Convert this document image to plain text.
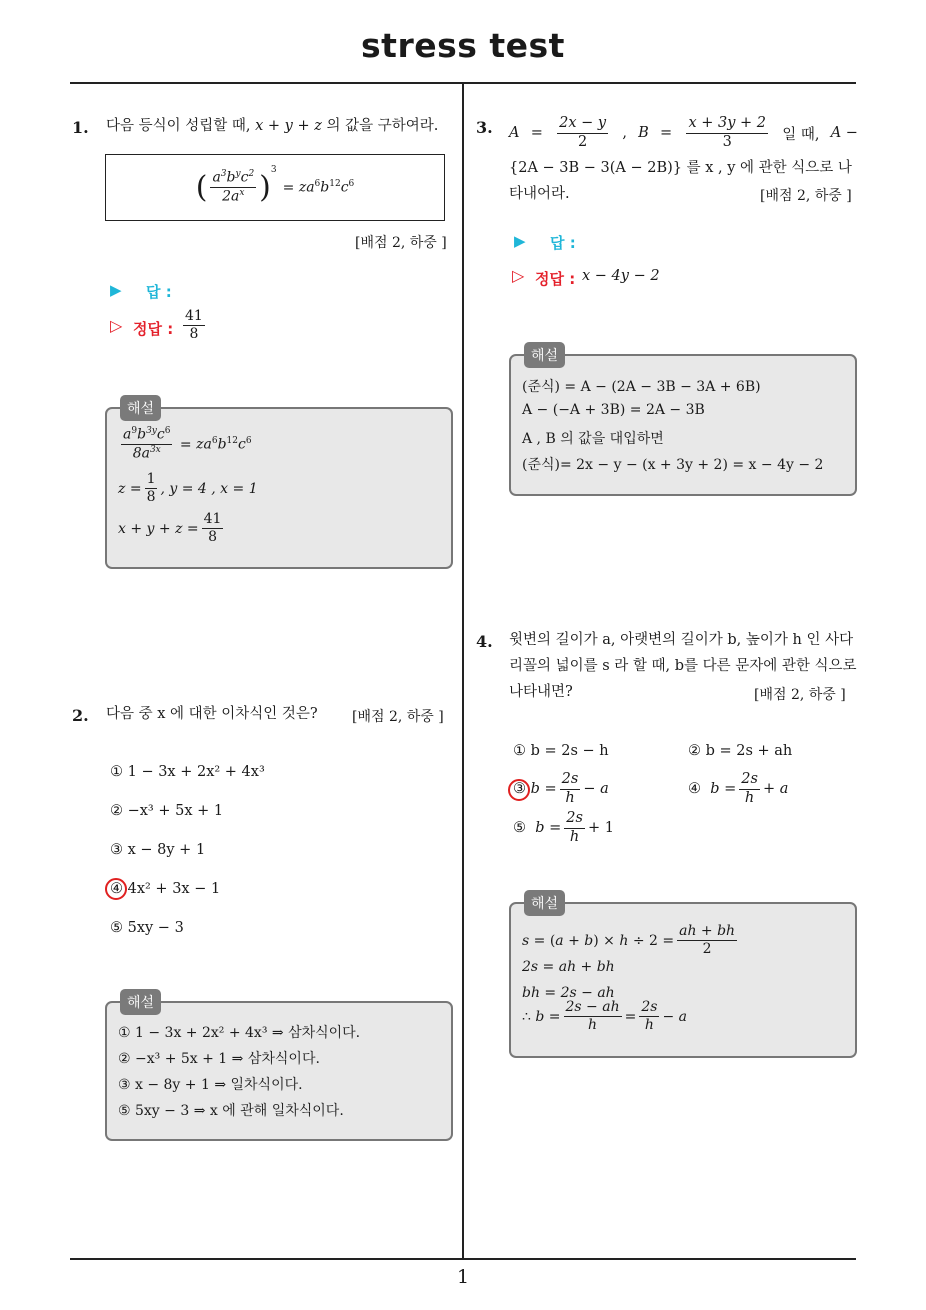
stress test
1
1. 다음 등식이 성립할 때, x + y + z 의 값을 구하여라.
( $\frac{a^3b^yc^2}{2a^x} )^3$
=
$za^6b^{12}c^6$
[배점 2, 하중 ]
▶ 답 :
▷ 정답 : $\frac{41}{8}$
해설
$\frac{a^9b^{3y}c^6}{8a^{3x}} = za^6b^{12}c^6$
$z = \frac{1}{8}$ , y = 4 , x = 1
$x + y + z = \frac{41}{8}$
2. 다음 중 x 에 대한 이차식인 것은? [배점 2, 하중 ]
① 1 − 3x + 2x² + 4x³
② −x³ + 5x + 1
③ x − 8y + 1
④ 4x² + 3x − 1
⑤ 5xy − 3
해설
① 1 − 3x + 2x² + 4x³ ⇒ 삼차식이다.
② −x³ + 5x + 1 ⇒ 삼차식이다.
③ x − 8y + 1 ⇒ 일차식이다.
⑤ 5xy − 3 ⇒ x 에 관해 일차식이다.
3. $A = \frac{2x - y}{2}$ , $B = \frac{x + 3y + 2}{3}$ 일 때, A −
{2A − 3B − 3(A − 2B)} 를 x , y 에 관한 식으로 나
타내어라.	[배점 2, 하중 ]
▶ 답 :
▷ 정답 : x − 4y − 2
해설
(준식) = A − (2A − 3B − 3A + 6B)
A − (−A + 3B) = 2A − 3B
A , B 의 값을 대입하면
(준식)= 2x − y − (x + 3y + 2) = x − 4y − 2
4. 윗변의 길이가 a, 아랫변의 길이가 b, 높이가 h 인 사다
리꼴의 넓이를 s 라 할 때, b를 다른 문자에 관한 식으로
나타내면?	[배점 2, 하중 ]
① b = 2s − h	② b = 2s + ah
③ $b = \frac{2s}{h} - a$	④ $b = \frac{2s}{h} + a$
⑤ $b = \frac{2s}{h} + 1$
해설
s = ( a + b ) × $h \div 2 = \frac{ah + bh}{2}$
2s = ah + bh
bh = 2s − ah
∴ $b = \frac{2s - ah}{h} = \frac{2s}{h} - a$
